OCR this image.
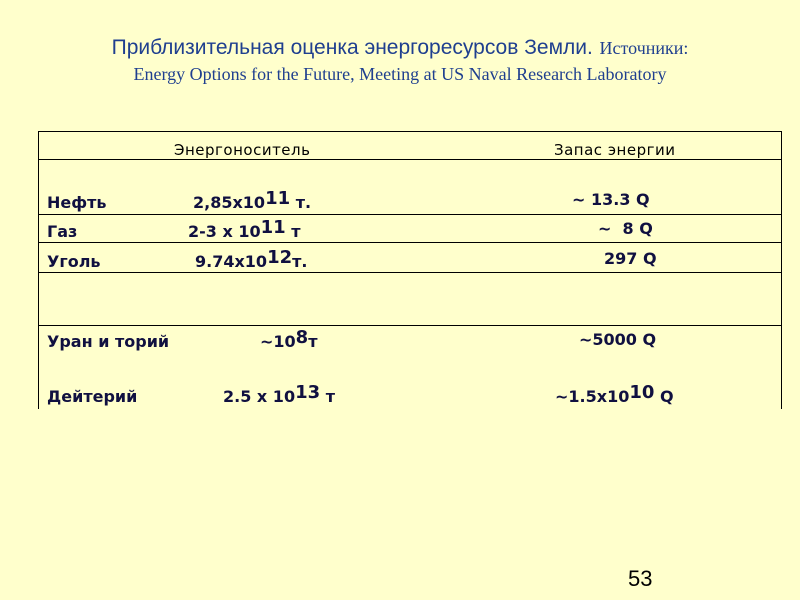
Приблизительная оценка энергоресурсов Земли. Источники:
Energy Options for the Future, Meeting at US Naval Research Laboratory
Энергоноситель	Запас энергии
Нефть	$2,85x10^{11}$ т.	~ 13.3 Q
Газ	2-3 x $10^{11}$ т	~  8 Q
Уголь	$9.74x10^{12}т$.	297 Q
Уран и торий	$\sim 10^8т$	~5000 Q
Дейтерий	2.5 x $10^{13}$ т	$\sim 1.5x10^{10}$ Q
53
